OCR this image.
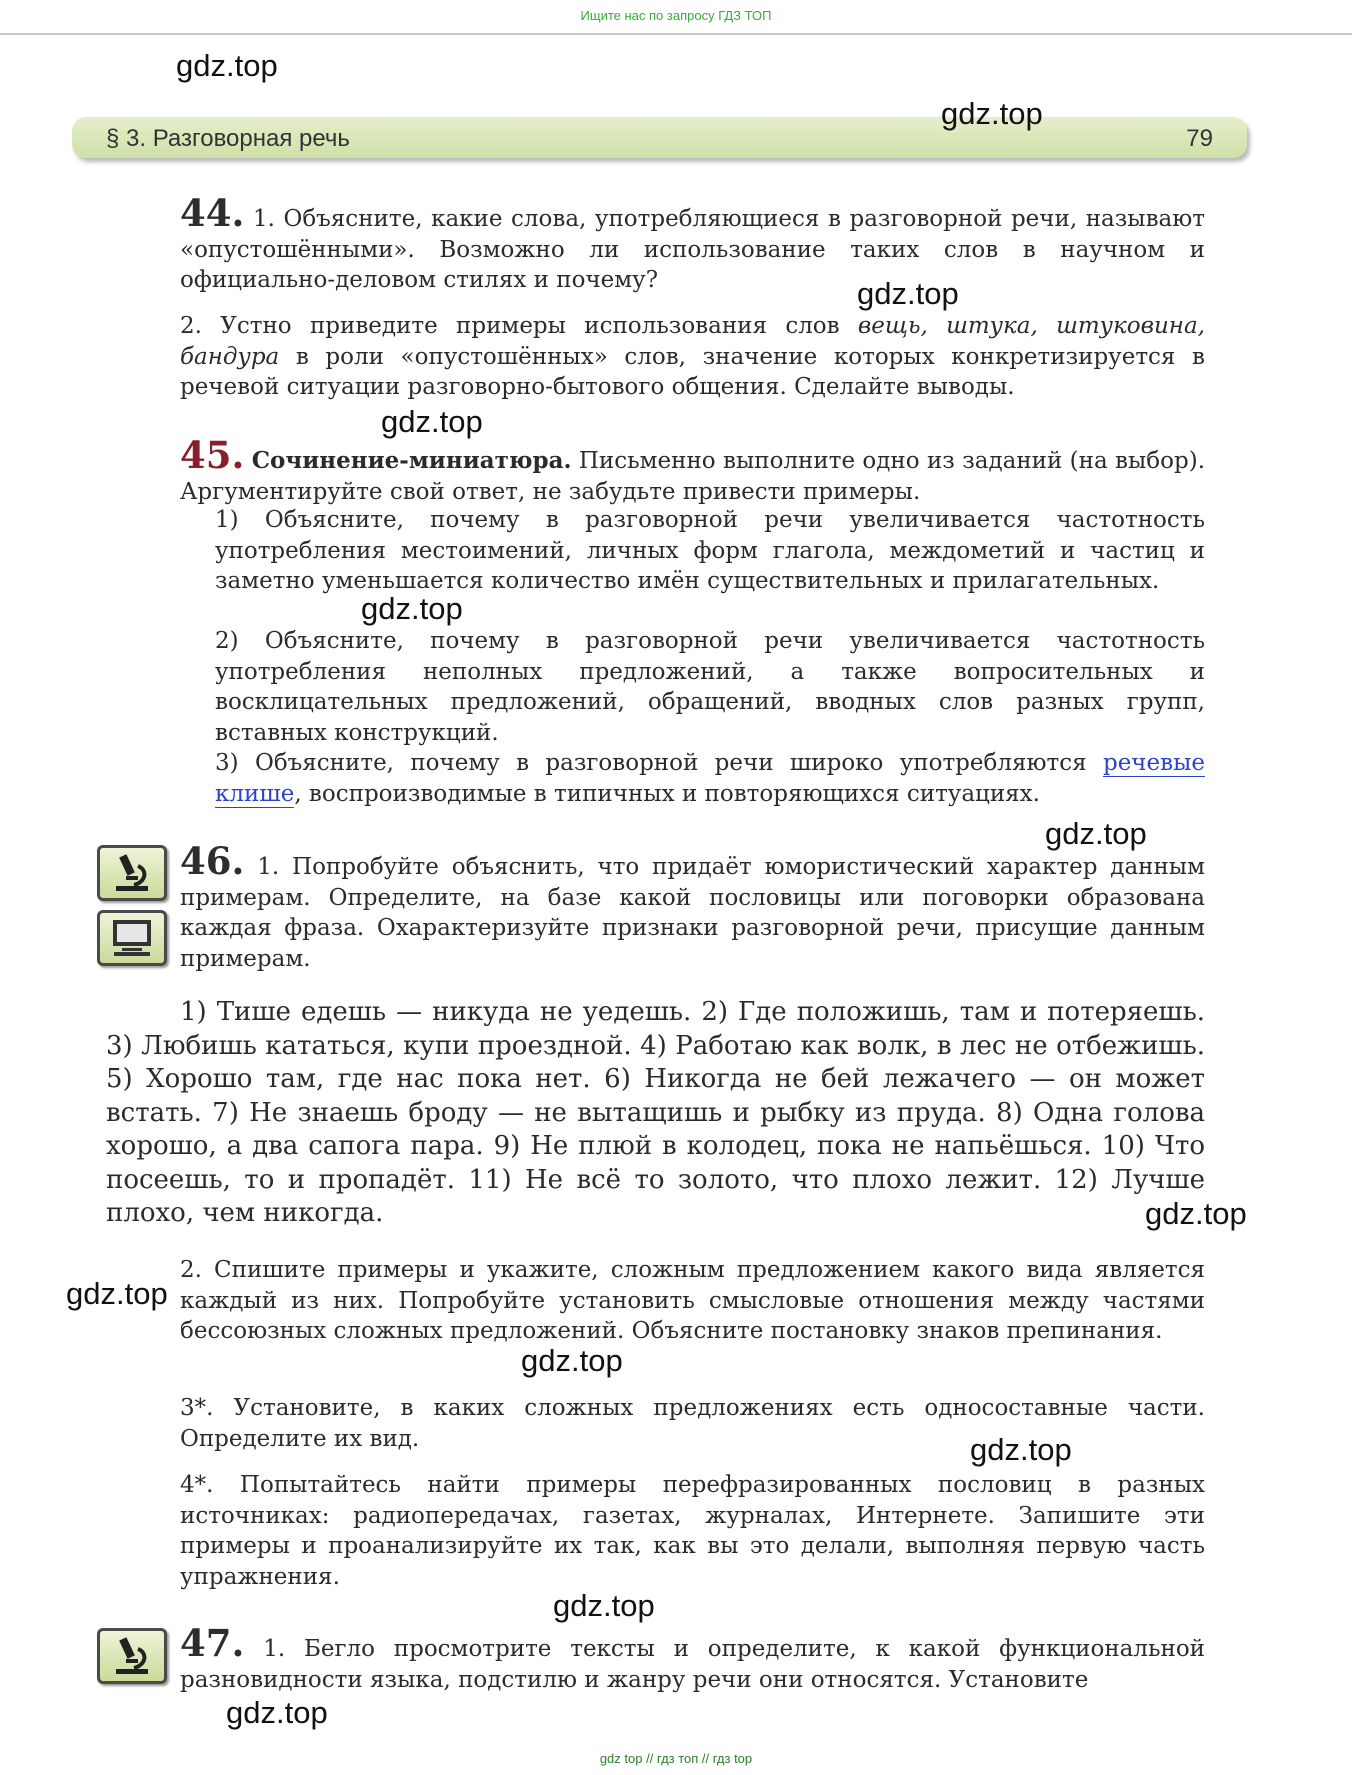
Ищите нас по запросу ГДЗ ТОП
gdz.top
§ 3. Разговорная речь	79
gdz.top

44. 1. Объясните, какие слова, употребляющиеся в разговорной речи, называют «опустошёнными». Возможно ли использование таких слов в научном и официально-деловом стилях и почему?	gdz.top

2. Устно приведите примеры использования слов вещь, штука, штуковина, бандура в роли «опустошённых» слов, значение которых конкретизируется в речевой ситуации разговорно-бытового общения. Сделайте выводы.

gdz.top

45. Сочинение-миниатюра. Письменно выполните одно из заданий (на выбор). Аргументируйте свой ответ, не забудьте привести примеры.

1) Объясните, почему в разговорной речи увеличивается частотность употребления местоимений, личных форм глагола, междометий и частиц и заметно уменьшается количество имён существительных и прилагательных.

gdz.top

2) Объясните, почему в разговорной речи увеличивается частотность употребления неполных предложений, а также вопросительных и восклицательных предложений, обращений, вводных слов разных групп, вставных конструкций.

3) Объясните, почему в разговорной речи широко употребляются речевые клише, воспроизводимые в типичных и повторяющихся ситуациях.

gdz.top

46. 1. Попробуйте объяснить, что придаёт юмористический характер данным примерам. Определите, на базе какой пословицы или поговорки образована каждая фраза. Охарактеризуйте признаки разговорной речи, присущие данным примерам.

1) Тише едешь — никуда не уедешь. 2) Где положишь, там и потеряешь. 3) Любишь кататься, купи проездной. 4) Работаю как волк, в лес не отбежишь. 5) Хорошо там, где нас пока нет. 6) Никогда не бей лежачего — он может встать. 7) Не знаешь броду — не вытащишь и рыбку из пруда. 8) Одна голова хорошо, а два сапога пара. 9) Не плюй в колодец, пока не напьёшься. 10) Что посеешь, то и пропадёт. 11) Не всё то золото, что плохо лежит. 12) Лучше плохо, чем никогда.	gdz.top
gdz.top

2. Спишите примеры и укажите, сложным предложением какого вида является каждый из них. Попробуйте установить смысловые отношения между частями бессоюзных сложных предложений. Объясните постановку знаков препинания.

gdz.top

3*. Установите, в каких сложных предложениях есть односоставные части. Определите их вид.	gdz.top

4*. Попытайтесь найти примеры перефразированных пословиц в разных источниках: радиопередачах, газетах, журналах, Интернете. Запишите эти примеры и проанализируйте их так, как вы это делали, выполняя первую часть упражнения.

gdz.top

47. 1. Бегло просмотрите тексты и определите, к какой функциональной разновидности языка, подстилю и жанру речи они относятся. Установите

gdz.top
gdz top // гдз топ // гдз top
